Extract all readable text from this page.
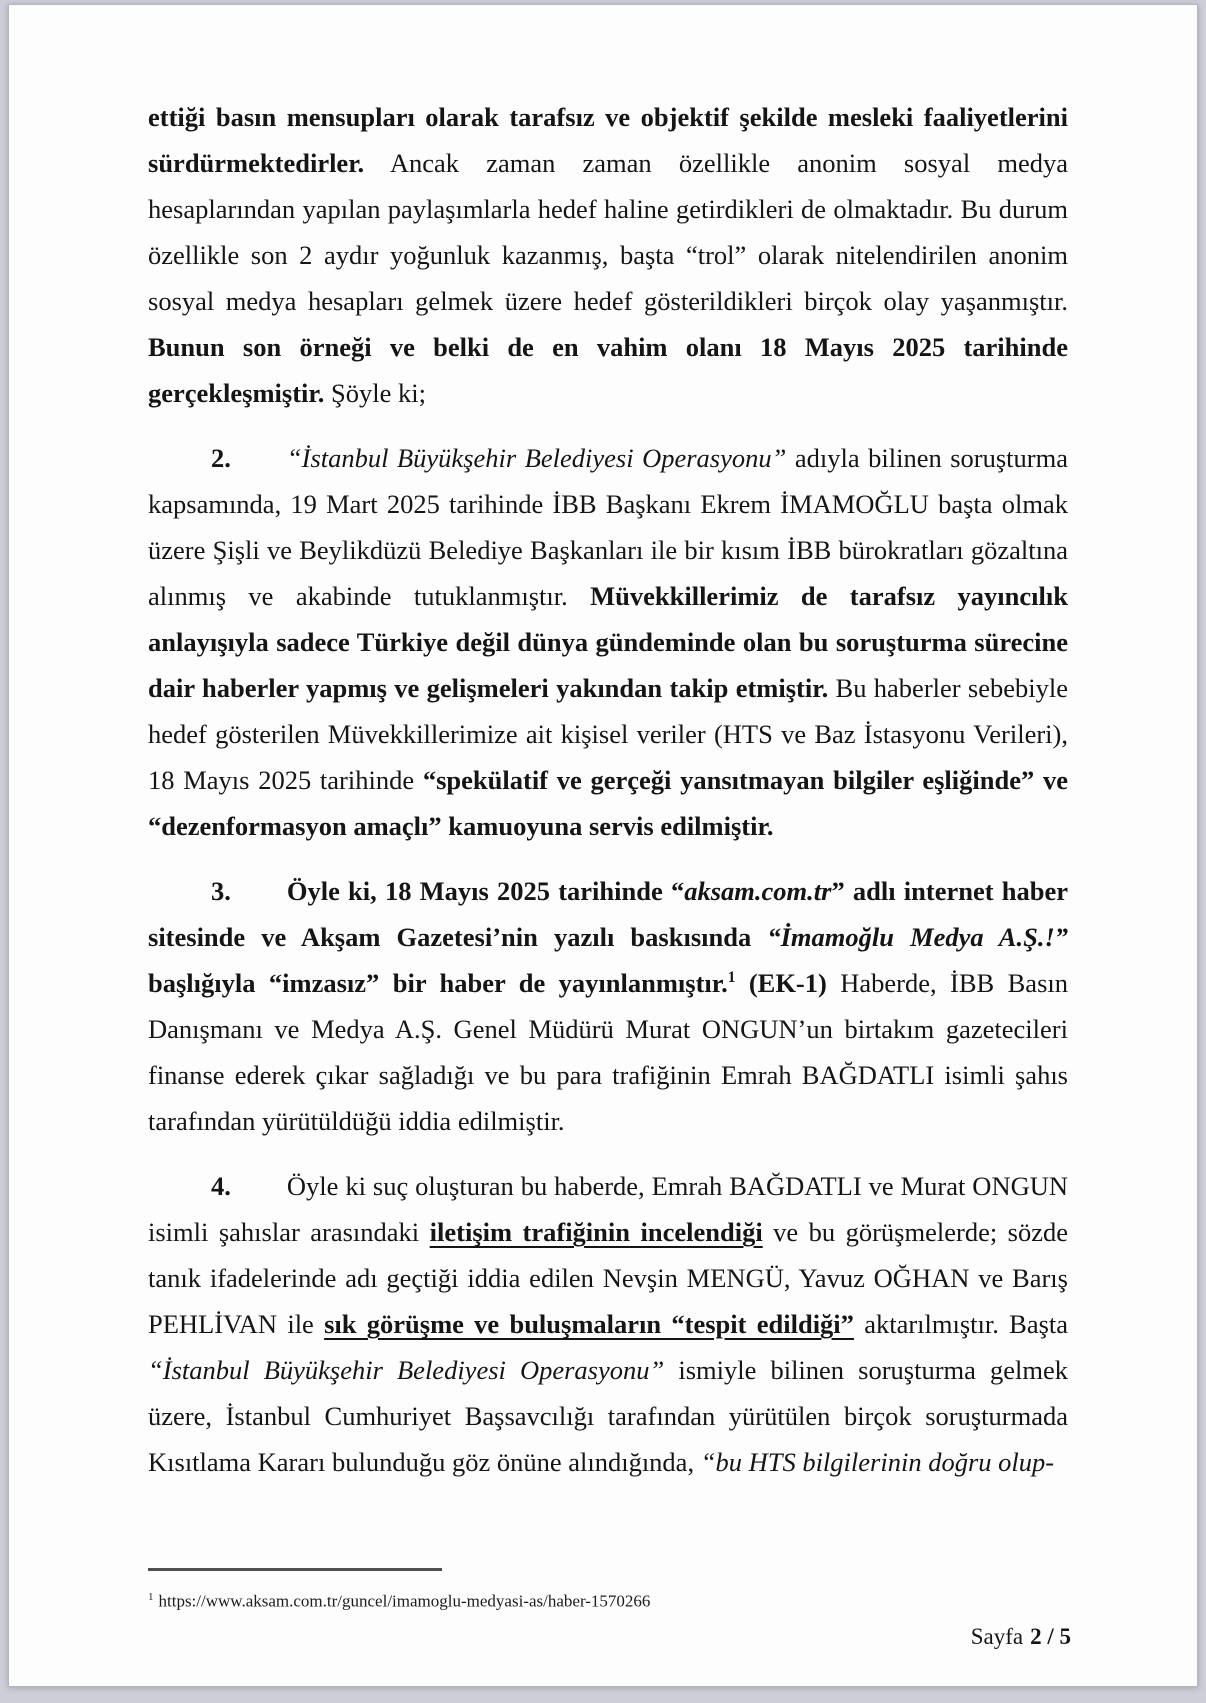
ettiği basın mensupları olarak tarafsız ve objektif şekilde mesleki faaliyetlerini sürdürmektedirler. Ancak zaman zaman özellikle anonim sosyal medya hesaplarından yapılan paylaşımlarla hedef haline getirdikleri de olmaktadır. Bu durum özellikle son 2 aydır yoğunluk kazanmış, başta “trol” olarak nitelendirilen anonim sosyal medya hesapları gelmek üzere hedef gösterildikleri birçok olay yaşanmıştır. Bunun son örneği ve belki de en vahim olanı 18 Mayıs 2025 tarihinde gerçekleşmiştir. Şöyle ki;

2. “İstanbul Büyükşehir Belediyesi Operasyonu” adıyla bilinen soruşturma kapsamında, 19 Mart 2025 tarihinde İBB Başkanı Ekrem İMAMOĞLU başta olmak üzere Şişli ve Beylikdüzü Belediye Başkanları ile bir kısım İBB bürokratları gözaltına alınmış ve akabinde tutuklanmıştır. Müvekkillerimiz de tarafsız yayıncılık anlayışıyla sadece Türkiye değil dünya gündeminde olan bu soruşturma sürecine dair haberler yapmış ve gelişmeleri yakından takip etmiştir. Bu haberler sebebiyle hedef gösterilen Müvekkillerimize ait kişisel veriler (HTS ve Baz İstasyonu Verileri), 18 Mayıs 2025 tarihinde “spekülatif ve gerçeği yansıtmayan bilgiler eşliğinde” ve “dezenformasyon amaçlı” kamuoyuna servis edilmiştir.

3. Öyle ki, 18 Mayıs 2025 tarihinde “aksam.com.tr” adlı internet haber sitesinde ve Akşam Gazetesi’nin yazılı baskısında “İmamoğlu Medya A.Ş.!” başlığıyla “imzasız” bir haber de yayınlanmıştır.$^1$ (EK-1) Haberde, İBB Basın Danışmanı ve Medya A.Ş. Genel Müdürü Murat ONGUN’un birtakım gazetecileri finanse ederek çıkar sağladığı ve bu para trafiğinin Emrah BAĞDATLI isimli şahıs tarafından yürütüldüğü iddia edilmiştir.

4. Öyle ki suç oluşturan bu haberde, Emrah BAĞDATLI ve Murat ONGUN isimli şahıslar arasındaki iletişim trafiğinin incelendiği ve bu görüşmelerde; sözde tanık ifadelerinde adı geçtiği iddia edilen Nevşin MENGÜ, Yavuz OĞHAN ve Barış PEHLİVAN ile sık görüşme ve buluşmaların “tespit edildiği” aktarılmıştır. Başta “İstanbul Büyükşehir Belediyesi Operasyonu” ismiyle bilinen soruşturma gelmek üzere, İstanbul Cumhuriyet Başsavcılığı tarafından yürütülen birçok soruşturmada Kısıtlama Kararı bulunduğu göz önüne alındığında, “bu HTS bilgilerinin doğru olup-

$^1$ https://www.aksam.com.tr/guncel/imamoglu-medyasi-as/haber-1570266
Sayfa 2 / 5
